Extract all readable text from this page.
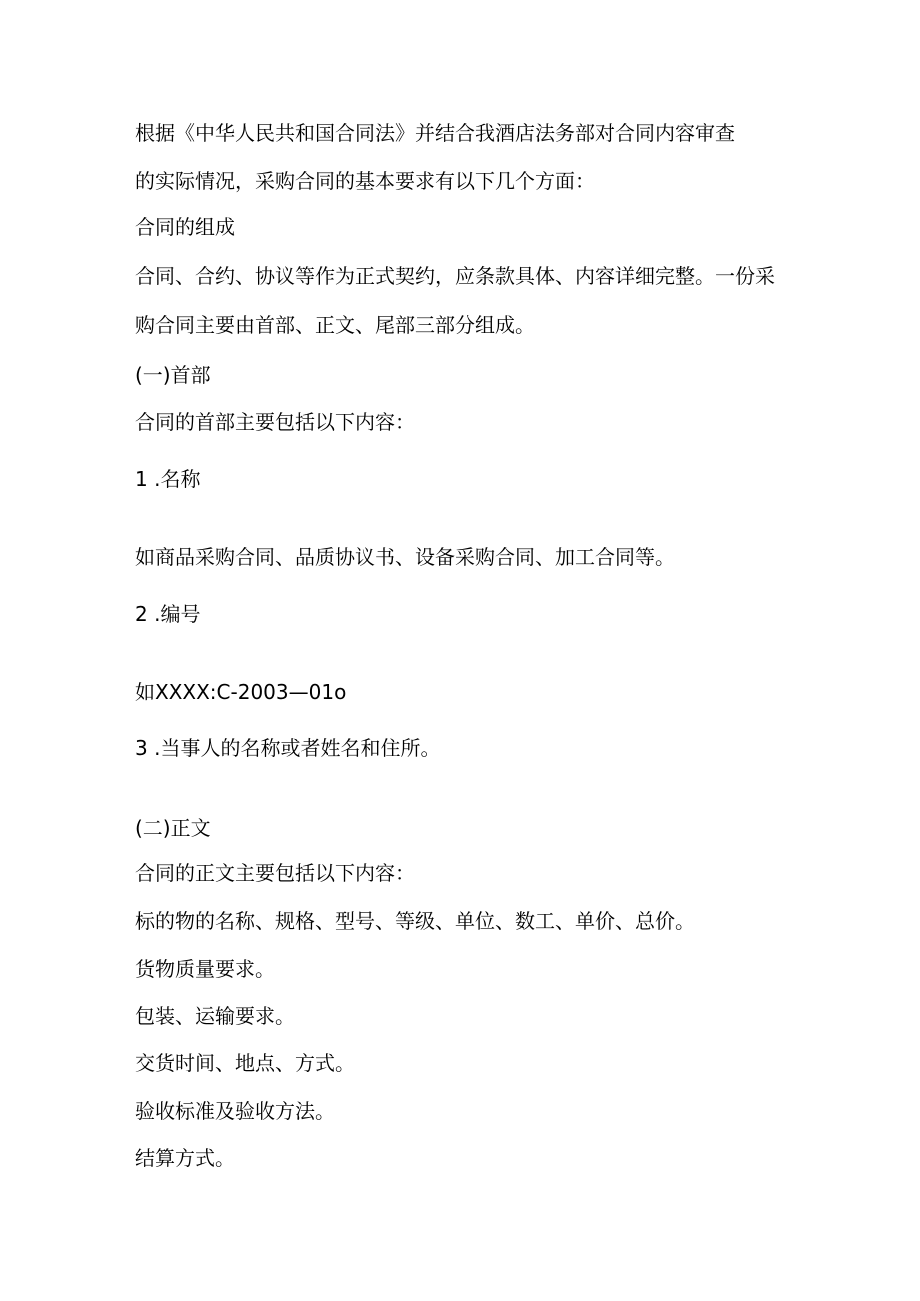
根据《中华人民共和国合同法》并结合我酒店法务部对合同内容审查

的实际情况，采购合同的基本要求有以下几个方面：

合同的组成

合同、合约、协议等作为正式契约，应条款具体、内容详细完整。一份采

购合同主要由首部、正文、尾部三部分组成。

(一)首部

合同的首部主要包括以下内容：

1 .名称

如商品采购合同、品质协议书、设备采购合同、加工合同等。

2 .编号

如XXXX:C-2003—01o

3 .当事人的名称或者姓名和住所。

(二)正文

合同的正文主要包括以下内容：

标的物的名称、规格、型号、等级、单位、数工、单价、总价。

货物质量要求。

包装、运输要求。

交货时间、地点、方式。

验收标准及验收方法。

结算方式。
